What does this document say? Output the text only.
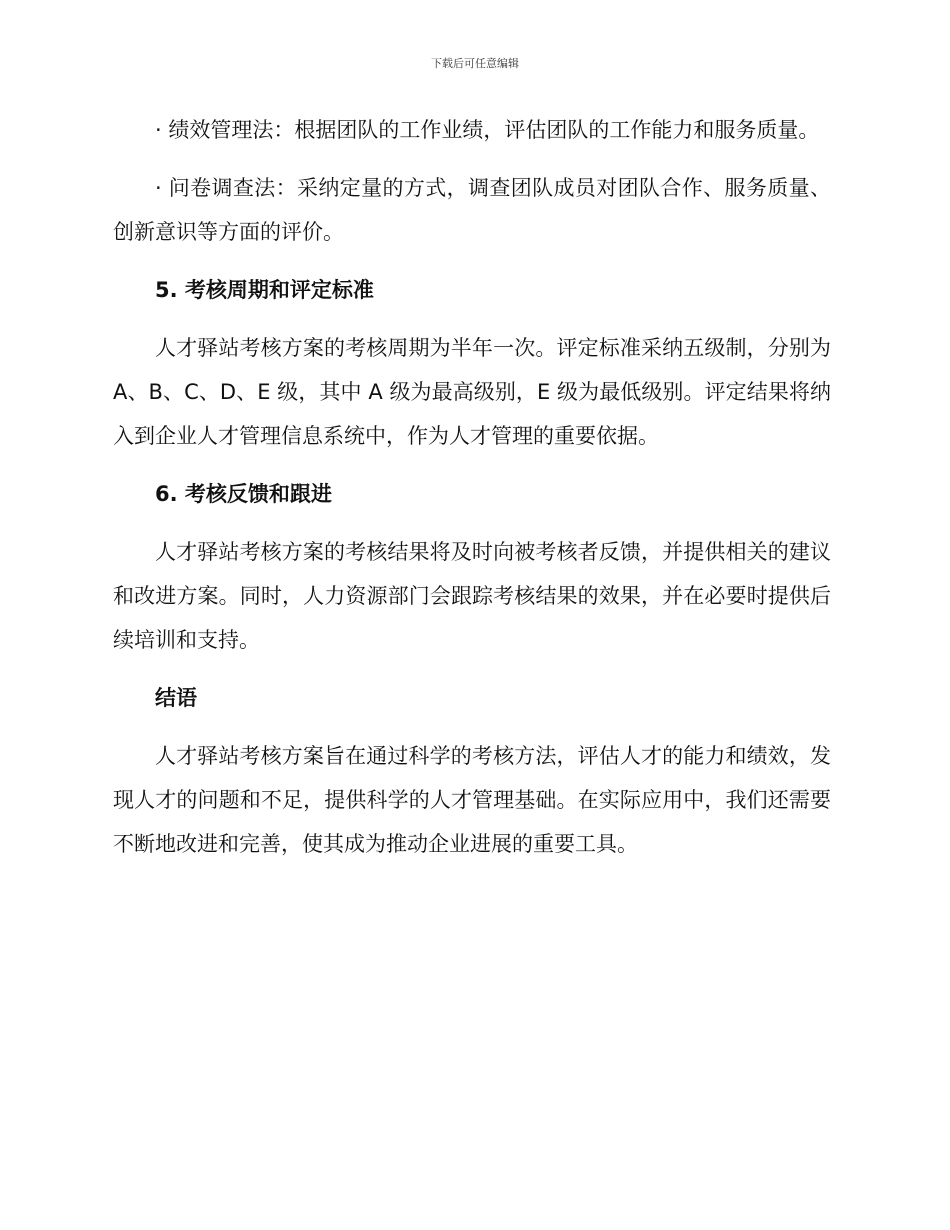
下载后可任意编辑

· 绩效管理法：根据团队的工作业绩，评估团队的工作能力和服务质量。

· 问卷调查法：采纳定量的方式，调查团队成员对团队合作、服务质量、创新意识等方面的评价。

5. 考核周期和评定标准

人才驿站考核方案的考核周期为半年一次。评定标准采纳五级制，分别为 A、B、C、D、E 级，其中 A 级为最高级别，E 级为最低级别。评定结果将纳入到企业人才管理信息系统中，作为人才管理的重要依据。

6. 考核反馈和跟进

人才驿站考核方案的考核结果将及时向被考核者反馈，并提供相关的建议和改进方案。同时，人力资源部门会跟踪考核结果的效果，并在必要时提供后续培训和支持。

结语

人才驿站考核方案旨在通过科学的考核方法，评估人才的能力和绩效，发现人才的问题和不足，提供科学的人才管理基础。在实际应用中，我们还需要不断地改进和完善，使其成为推动企业进展的重要工具。
